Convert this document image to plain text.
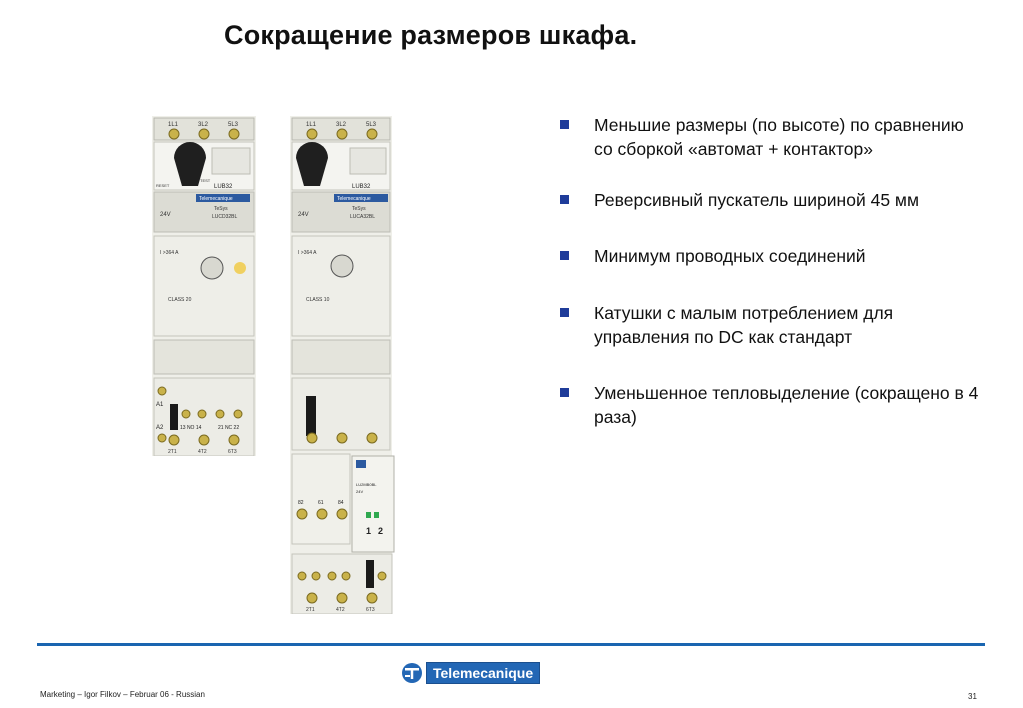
Сокращение размеров шкафа.
1L1	3L2	5L3
RESET
TEST
LUB32
Telemecanique
TeSys
24V	LUCD32BL
I >364 A
CLASS 20
A1
A2	13 NO 14	21 NC 22
2T1	4T2	6T3
1L1	3L2	5L3
LUB32
Telemecanique
TeSys
24V	LUCA32BL
I >364 A
CLASS 10
82	61	84
LU2MB0BL
24V
1 2
2T1	4T2	6T3
Меньшие размеры (по высоте) по сравнению со сборкой «автомат + контактор»
Реверсивный пускатель шириной 45 мм
Минимум проводных соединений
Катушки с малым потреблением для управления по DC как стандарт
Уменьшенное тепловыделение (сокращено в 4 раза)
Telemecanique
Marketing – Igor Filkov – Februar 06 - Russian	31
